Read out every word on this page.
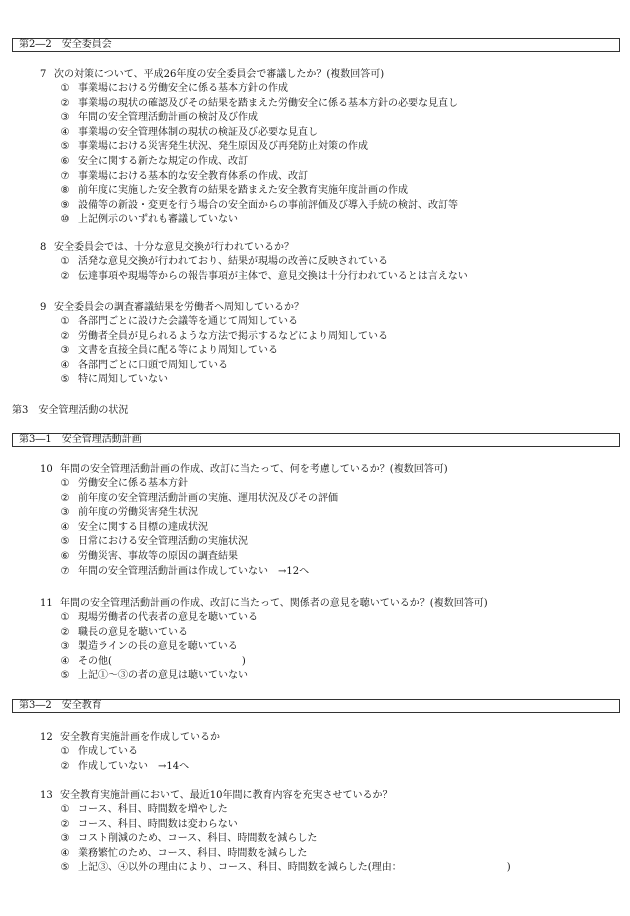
第2―2　安全委員会
7 次の対策について、平成26年度の安全委員会で審議したか？(複数回答可)
① 事業場における労働安全に係る基本方針の作成
② 事業場の現状の確認及びその結果を踏まえた労働安全に係る基本方針の必要な見直し
③ 年間の安全管理活動計画の検討及び作成
④ 事業場の安全管理体制の現状の検証及び必要な見直し
⑤ 事業場における災害発生状況、発生原因及び再発防止対策の作成
⑥ 安全に関する新たな規定の作成、改訂
⑦ 事業場における基本的な安全教育体系の作成、改訂
⑧ 前年度に実施した安全教育の結果を踏まえた安全教育実施年度計画の作成
⑨ 設備等の新設・変更を行う場合の安全面からの事前評価及び導入手続の検討、改訂等
⑩ 上記例示のいずれも審議していない
8 安全委員会では、十分な意見交換が行われているか？
① 活発な意見交換が行われており、結果が現場の改善に反映されている
② 伝達事項や現場等からの報告事項が主体で、意見交換は十分行われているとは言えない
9 安全委員会の調査審議結果を労働者へ周知しているか？
① 各部門ごとに設けた会議等を通じて周知している
② 労働者全員が見られるような方法で掲示するなどにより周知している
③ 文書を直接全員に配る等により周知している
④ 各部門ごとに口頭で周知している
⑤ 特に周知していない
第3　安全管理活動の状況
第3―1　安全管理活動計画
10 年間の安全管理活動計画の作成、改訂に当たって、何を考慮しているか？(複数回答可)
① 労働安全に係る基本方針
② 前年度の安全管理活動計画の実施、運用状況及びその評価
③ 前年度の労働災害発生状況
④ 安全に関する目標の達成状況
⑤ 日常における安全管理活動の実施状況
⑥ 労働災害、事故等の原因の調査結果
⑦ 年間の安全管理活動計画は作成していない　→12へ
11 年間の安全管理活動計画の作成、改訂に当たって、関係者の意見を聴いているか？(複数回答可)
① 現場労働者の代表者の意見を聴いている
② 職長の意見を聴いている
③ 製造ラインの長の意見を聴いている
④ その他(　　　　　　　　　　　　　)
⑤ 上記①～③の者の意見は聴いていない
第3―2　安全教育
12 安全教育実施計画を作成しているか
① 作成している
② 作成していない　→14へ
13 安全教育実施計画において、最近10年間に教育内容を充実させているか？
① コース、科目、時間数を増やした
② コース、科目、時間数は変わらない
③ コスト削減のため、コース、科目、時間数を減らした
④ 業務繁忙のため、コース、科目、時間数を減らした
⑤ 上記③、④以外の理由により、コース、科目、時間数を減らした(理由：　　　　　　　　　　　)
